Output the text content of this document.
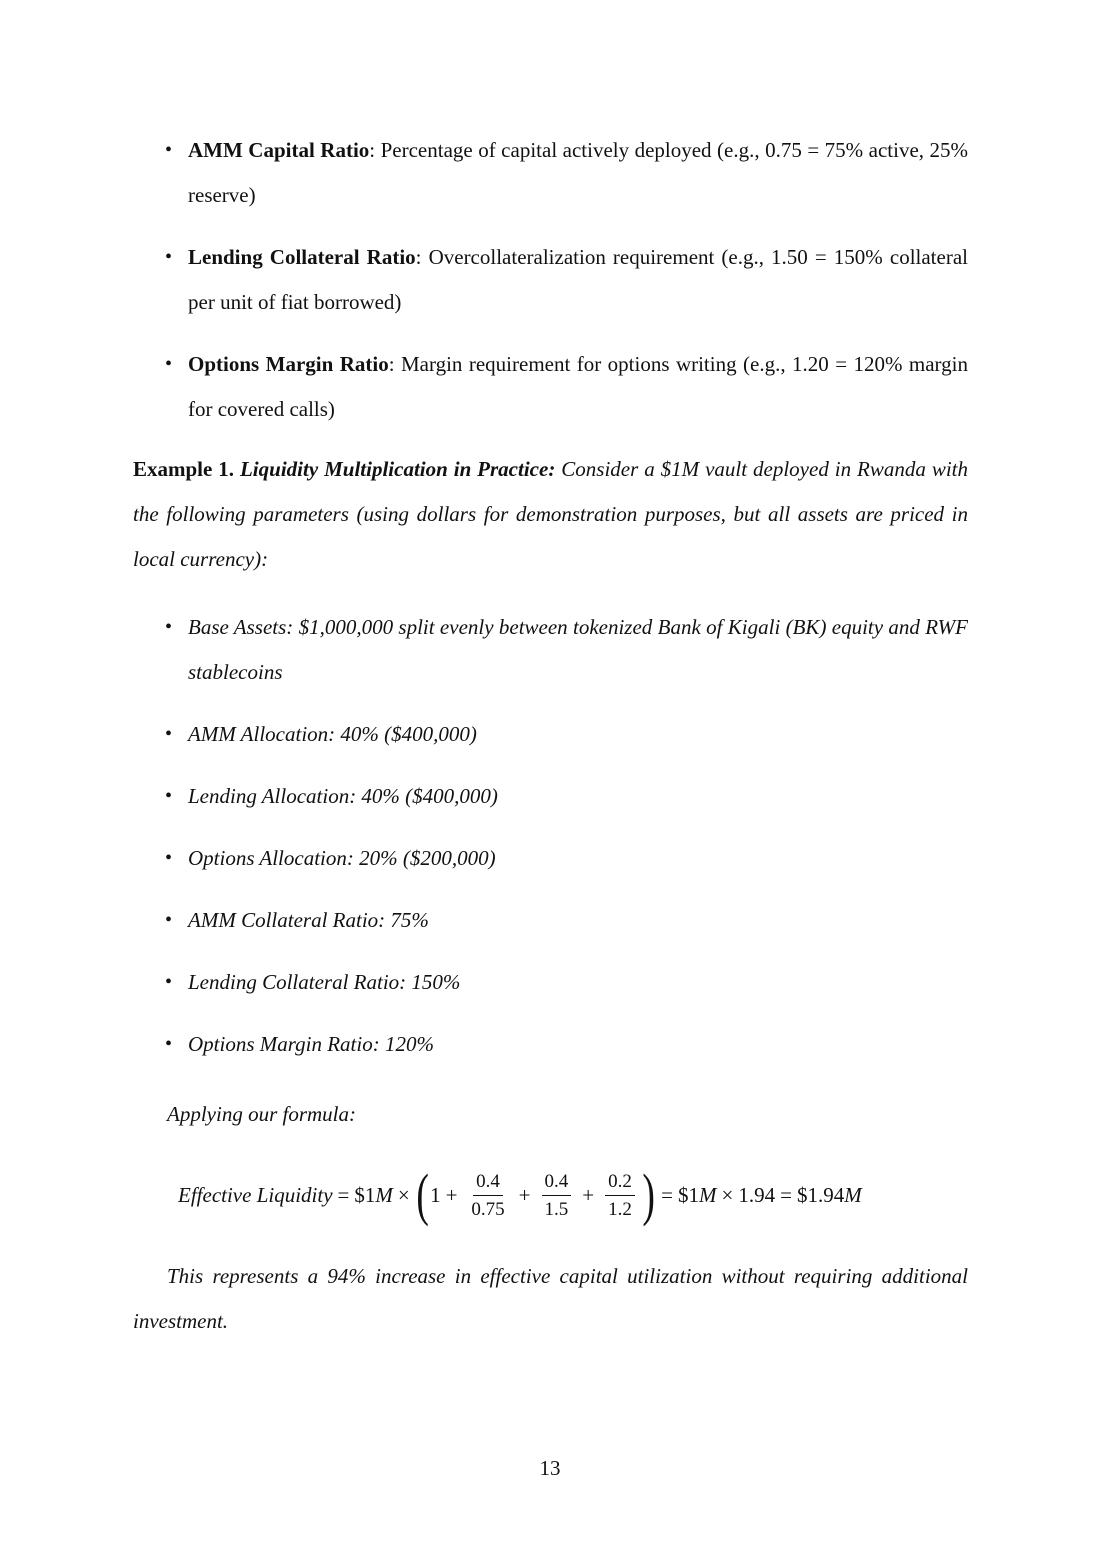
• AMM Capital Ratio: Percentage of capital actively deployed (e.g., 0.75 = 75% active, 25% reserve)
• Lending Collateral Ratio: Overcollateralization requirement (e.g., 1.50 = 150% collateral per unit of fiat borrowed)
• Options Margin Ratio: Margin requirement for options writing (e.g., 1.20 = 120% margin for covered calls)

Example 1. Liquidity Multiplication in Practice: Consider a $1M vault deployed in Rwanda with the following parameters (using dollars for demonstration purposes, but all assets are priced in local currency):

• Base Assets: $1,000,000 split evenly between tokenized Bank of Kigali (BK) equity and RWF stablecoins
• AMM Allocation: 40% ($400,000)
• Lending Allocation: 40% ($400,000)
• Options Allocation: 20% ($200,000)
• AMM Collateral Ratio: 75%
• Lending Collateral Ratio: 150%
• Options Margin Ratio: 120%

Applying our formula:

Effective Liquidity = $1 M × ( $1 + \frac{0.4}{0.75} + \frac{0.4}{1.5} + \frac{0.2}{1.2}$ ) = $1 M × 1.94 = $1.94 M

This represents a 94% increase in effective capital utilization without requiring additional investment.

13
